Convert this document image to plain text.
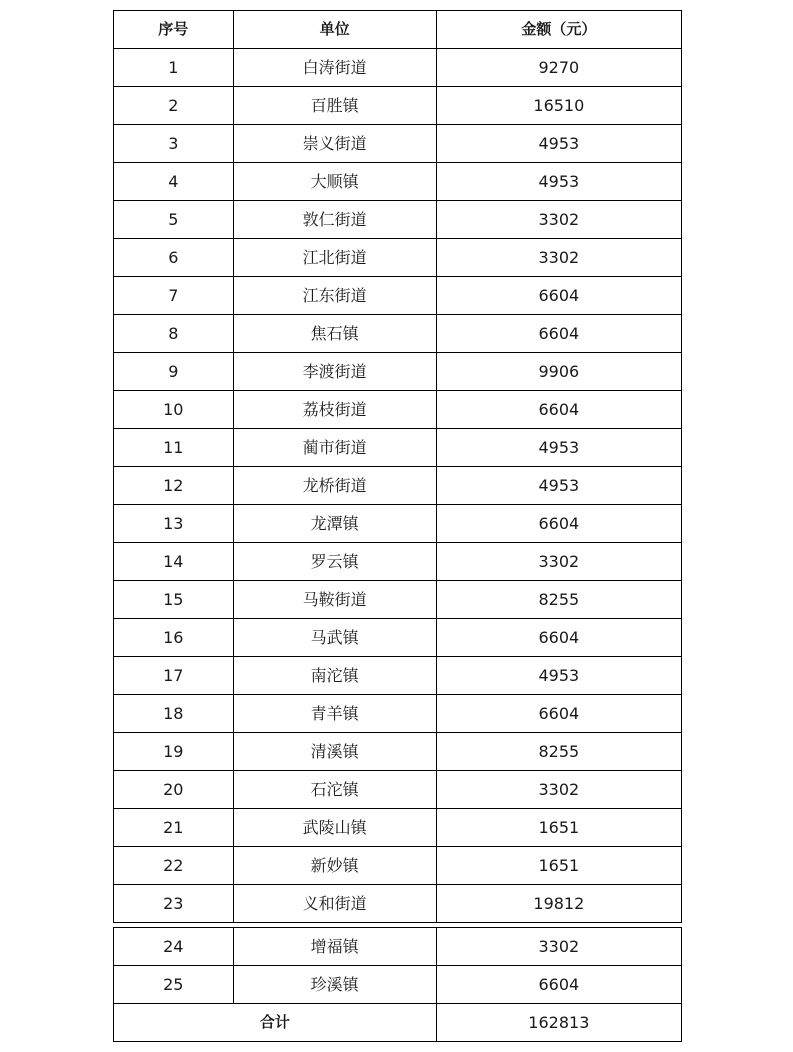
序号	单位	金额（元）
1	白涛街道	9270
2	百胜镇	16510
3	崇义街道	4953
4	大顺镇	4953
5	敦仁街道	3302
6	江北街道	3302
7	江东街道	6604
8	焦石镇	6604
9	李渡街道	9906
10	荔枝街道	6604
11	蔺市街道	4953
12	龙桥街道	4953
13	龙潭镇	6604
14	罗云镇	3302
15	马鞍街道	8255
16	马武镇	6604
17	南沱镇	4953
18	青羊镇	6604
19	清溪镇	8255
20	石沱镇	3302
21	武陵山镇	1651
22	新妙镇	1651
23	义和街道	19812
24	增福镇	3302
25	珍溪镇	6604
合计		162813
